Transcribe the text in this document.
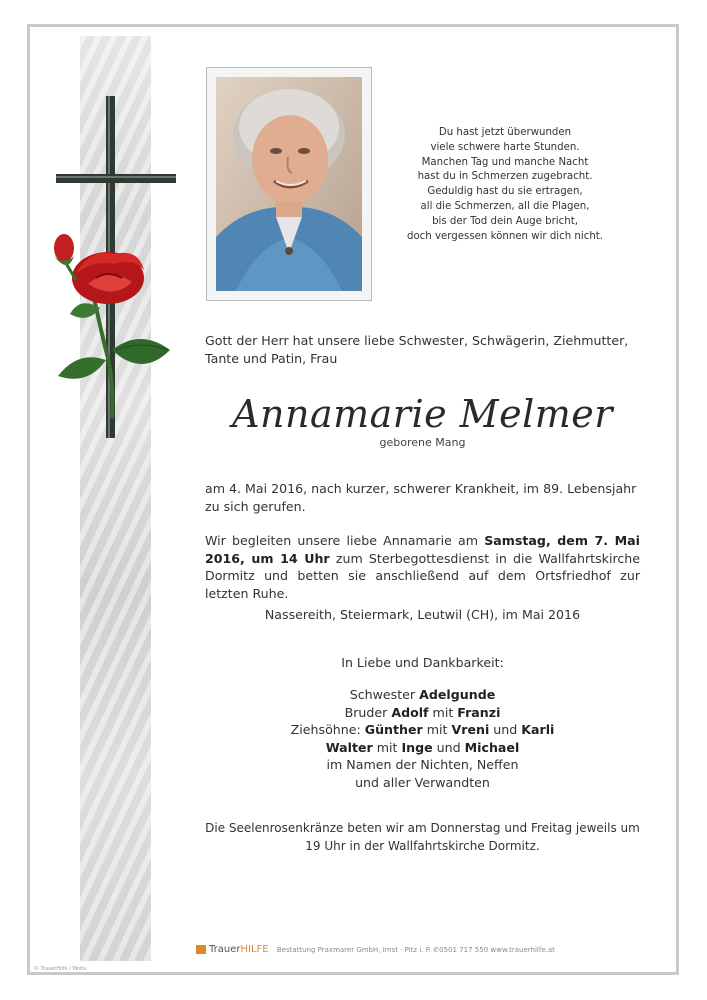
Du hast jetzt überwunden
viele schwere harte Stunden.
Manchen Tag und manche Nacht
hast du in Schmerzen zugebracht.
Geduldig hast du sie ertragen,
all die Schmerzen, all die Plagen,
bis der Tod dein Auge bricht,
doch vergessen können wir dich nicht.
Gott der Herr hat unsere liebe Schwester, Schwägerin, Ziehmutter, Tante und Patin, Frau
Annamarie Melmer
geborene Mang
am 4. Mai 2016, nach kurzer, schwerer Krankheit, im 89. Lebensjahr zu sich gerufen.
Wir begleiten unsere liebe Annamarie am Samstag, dem 7. Mai 2016, um 14 Uhr zum Sterbegottesdienst in die Wallfahrtskirche Dormitz und betten sie anschließend auf dem Ortsfriedhof zur letzten Ruhe.
Nassereith, Steiermark, Leutwil (CH), im Mai 2016
In Liebe und Dankbarkeit:
Schwester Adelgunde
Bruder Adolf mit Franzi
Ziehsöhne: Günther mit Vreni und Karli
Walter mit Inge und Michael
im Namen der Nichten, Neffen
und aller Verwandten
Die Seelenrosenkränze beten wir am Donnerstag und Freitag jeweils um 19 Uhr in der Wallfahrtskirche Dormitz.
TrauerHILFE Bestattung Praxmarer GmbH, Imst · Pitz i. P. ✆0501 717 550 www.trauerhilfe.at
© TrauerHilfe / Motiv
